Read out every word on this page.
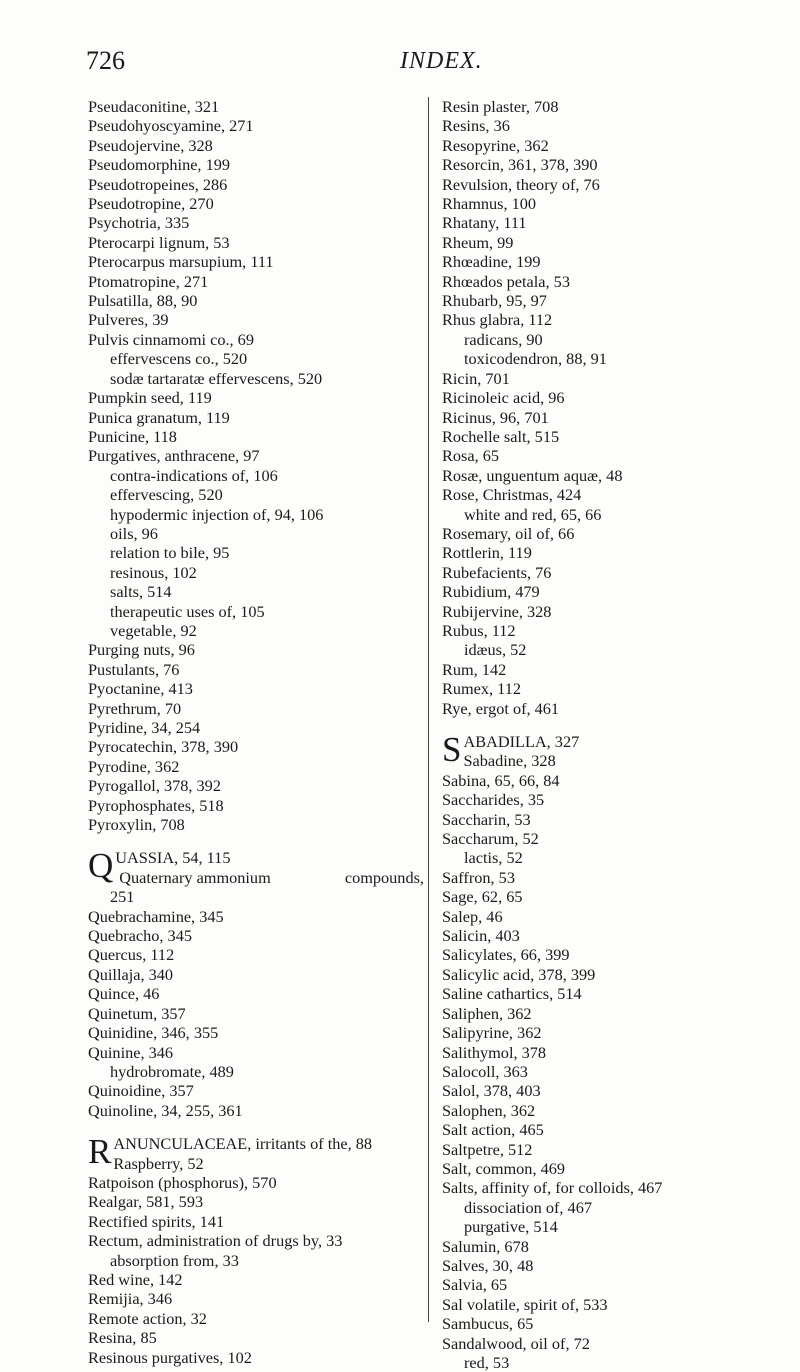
726	INDEX.
Pseudaconitine, 321
Pseudohyoscyamine, 271
Pseudojervine, 328
Pseudomorphine, 199
Pseudotropeines, 286
Pseudotropine, 270
Psychotria, 335
Pterocarpi lignum, 53
Pterocarpus marsupium, 111
Ptomatropine, 271
Pulsatilla, 88, 90
Pulveres, 39
Pulvis cinnamomi co., 69
effervescens co., 520
sodæ tartaratæ effervescens, 520
Pumpkin seed, 119
Punica granatum, 119
Punicine, 118
Purgatives, anthracene, 97
contra-indications of, 106
effervescing, 520
hypodermic injection of, 94, 106
oils, 96
relation to bile, 95
resinous, 102
salts, 514
therapeutic uses of, 105
vegetable, 92
Purging nuts, 96
Pustulants, 76
Pyoctanine, 413
Pyrethrum, 70
Pyridine, 34, 254
Pyrocatechin, 378, 390
Pyrodine, 362
Pyrogallol, 378, 392
Pyrophosphates, 518
Pyroxylin, 708
Q UASSIA, 54, 115
Quaternary ammonium	compounds,
251
Quebrachamine, 345
Quebracho, 345
Quercus, 112
Quillaja, 340
Quince, 46
Quinetum, 357
Quinidine, 346, 355
Quinine, 346
hydrobromate, 489
Quinoidine, 357
Quinoline, 34, 255, 361
R ANUNCULACEAE, irritants of the, 88
Raspberry, 52
Ratpoison (phosphorus), 570
Realgar, 581, 593
Rectified spirits, 141
Rectum, administration of drugs by, 33
absorption from, 33
Red wine, 142
Remijia, 346
Remote action, 32
Resina, 85
Resinous purgatives, 102
Resin plaster, 708
Resins, 36
Resopyrine, 362
Resorcin, 361, 378, 390
Revulsion, theory of, 76
Rhamnus, 100
Rhatany, 111
Rheum, 99
Rhœadine, 199
Rhœados petala, 53
Rhubarb, 95, 97
Rhus glabra, 112
radicans, 90
toxicodendron, 88, 91
Ricin, 701
Ricinoleic acid, 96
Ricinus, 96, 701
Rochelle salt, 515
Rosa, 65
Rosæ, unguentum aquæ, 48
Rose, Christmas, 424
white and red, 65, 66
Rosemary, oil of, 66
Rottlerin, 119
Rubefacients, 76
Rubidium, 479
Rubijervine, 328
Rubus, 112
idæus, 52
Rum, 142
Rumex, 112
Rye, ergot of, 461
S ABADILLA, 327
Sabadine, 328
Sabina, 65, 66, 84
Saccharides, 35
Saccharin, 53
Saccharum, 52
lactis, 52
Saffron, 53
Sage, 62, 65
Salep, 46
Salicin, 403
Salicylates, 66, 399
Salicylic acid, 378, 399
Saline cathartics, 514
Saliphen, 362
Salipyrine, 362
Salithymol, 378
Salocoll, 363
Salol, 378, 403
Salophen, 362
Salt action, 465
Saltpetre, 512
Salt, common, 469
Salts, affinity of, for colloids, 467
dissociation of, 467
purgative, 514
Salumin, 678
Salves, 30, 48
Salvia, 65
Sal volatile, spirit of, 533
Sambucus, 65
Sandalwood, oil of, 72
red, 53
